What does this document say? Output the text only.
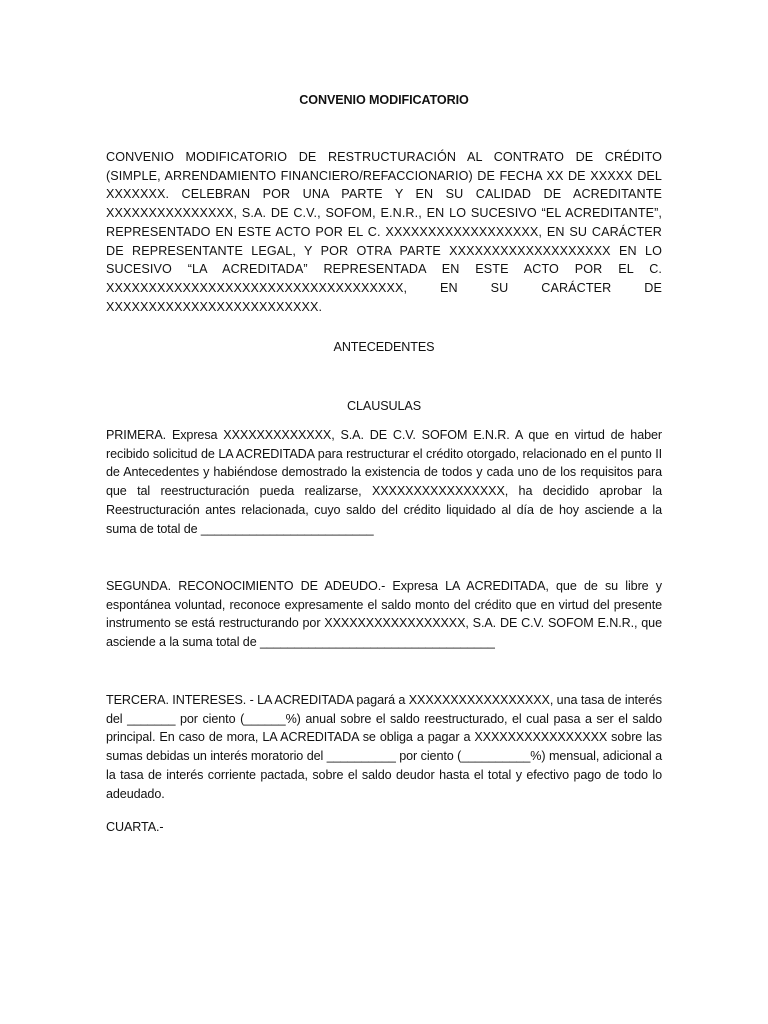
CONVENIO MODIFICATORIO

CONVENIO MODIFICATORIO DE RESTRUCTURACIÓN AL CONTRATO DE CRÉDITO (SIMPLE, ARRENDAMIENTO FINANCIERO/REFACCIONARIO) DE FECHA XX DE XXXXX DEL XXXXXXX. CELEBRAN POR UNA PARTE Y EN SU CALIDAD DE ACREDITANTE XXXXXXXXXXXXXXX, S.A. DE C.V., SOFOM, E.N.R., EN LO SUCESIVO “EL ACREDITANTE”, REPRESENTADO EN ESTE ACTO POR EL C. XXXXXXXXXXXXXXXXXX, EN SU CARÁCTER DE REPRESENTANTE LEGAL, Y POR OTRA PARTE XXXXXXXXXXXXXXXXXXX EN LO SUCESIVO “LA ACREDITADA” REPRESENTADA EN ESTE ACTO POR EL C. XXXXXXXXXXXXXXXXXXXXXXXXXXXXXXXXXXX, EN SU CARÁCTER DE XXXXXXXXXXXXXXXXXXXXXXXXX.

ANTECEDENTES
CLAUSULAS

PRIMERA. Expresa XXXXXXXXXXXXX, S.A. DE C.V. SOFOM E.N.R. A que en virtud de haber recibido solicitud de LA ACREDITADA para restructurar el crédito otorgado, relacionado en el punto II de Antecedentes y habiéndose demostrado la existencia de todos y cada uno de los requisitos para que tal reestructuración pueda realizarse, XXXXXXXXXXXXXXXX, ha decidido aprobar la Reestructuración antes relacionada, cuyo saldo del crédito liquidado al día de hoy asciende a la suma de total de _________________________

SEGUNDA. RECONOCIMIENTO DE ADEUDO.- Expresa LA ACREDITADA, que de su libre y espontánea voluntad, reconoce expresamente el saldo monto del crédito que en virtud del presente instrumento se está restructurando por XXXXXXXXXXXXXXXXX, S.A. DE C.V. SOFOM E.N.R., que asciende a la suma total de __________________________________

TERCERA. INTERESES. - LA ACREDITADA pagará a XXXXXXXXXXXXXXXXX, una tasa de interés del _______ por ciento (______%) anual sobre el saldo reestructurado, el cual pasa a ser el saldo principal. En caso de mora, LA ACREDITADA se obliga a pagar a XXXXXXXXXXXXXXXX sobre las sumas debidas un interés moratorio del __________ por ciento (__________%) mensual, adicional a la tasa de interés corriente pactada, sobre el saldo deudor hasta el total y efectivo pago de todo lo adeudado.

CUARTA.-
